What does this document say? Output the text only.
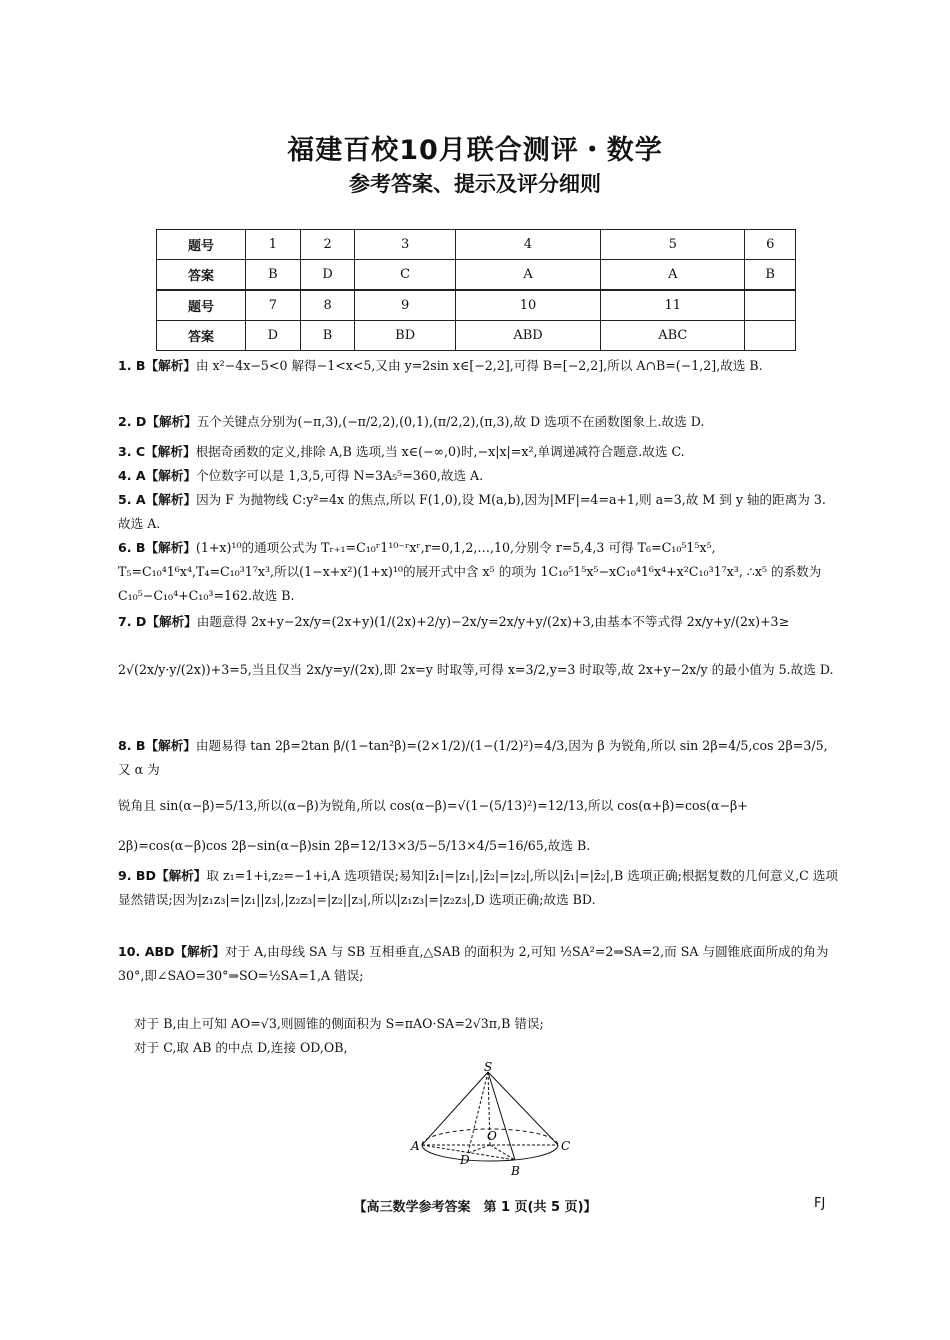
福建百校10月联合测评・数学
参考答案、提示及评分细则
题号	1	2	3	4	5	6
答案	B	D	C	A	A	B
题号	7	8	9	10	11	
答案	D	B	BD	ABD	ABC	
1. B【解析】由 x²−4x−5<0 解得−1<x<5,又由 y=2sin x∈[−2,2],可得 B=[−2,2],所以 A∩B=(−1,2],故选 B.
2. D【解析】五个关键点分别为(−π,3),(−π/2,2),(0,1),(π/2,2),(π,3),故 D 选项不在函数图象上.故选 D.
3. C【解析】根据奇函数的定义,排除 A,B 选项,当 x∈(−∞,0)时,−x|x|=x²,单调递减符合题意.故选 C.
4. A【解析】个位数字可以是 1,3,5,可得 N=3A₅⁵=360,故选 A.
5. A【解析】因为 F 为抛物线 C:y²=4x 的焦点,所以 F(1,0),设 M(a,b),因为|MF|=4=a+1,则 a=3,故 M 到 y 轴的距离为 3.故选 A.
6. B【解析】(1+x)¹⁰的通项公式为 Tᵣ₊₁=C₁₀ʳ1¹⁰⁻ʳxʳ,r=0,1,2,…,10,分别令 r=5,4,3 可得 T₆=C₁₀⁵1⁵x⁵, T₅=C₁₀⁴1⁶x⁴,T₄=C₁₀³1⁷x³,所以(1−x+x²)(1+x)¹⁰的展开式中含 x⁵ 的项为 1C₁₀⁵1⁵x⁵−xC₁₀⁴1⁶x⁴+x²C₁₀³1⁷x³, ∴x⁵ 的系数为 C₁₀⁵−C₁₀⁴+C₁₀³=162.故选 B.
7. D【解析】由题意得 2x+y−2x/y=(2x+y)(1/(2x)+2/y)−2x/y=2x/y+y/(2x)+3,由基本不等式得 2x/y+y/(2x)+3≥
2√(2x/y·y/(2x))+3=5,当且仅当 2x/y=y/(2x),即 2x=y 时取等,可得 x=3/2,y=3 时取等,故 2x+y−2x/y 的最小值为 5.故选 D.
8. B【解析】由题易得 tan 2β=2tan β/(1−tan²β)=(2×1/2)/(1−(1/2)²)=4/3,因为 β 为锐角,所以 sin 2β=4/5,cos 2β=3/5,又 α 为
锐角且 sin(α−β)=5/13,所以(α−β)为锐角,所以 cos(α−β)=√(1−(5/13)²)=12/13,所以 cos(α+β)=cos(α−β+
2β)=cos(α−β)cos 2β−sin(α−β)sin 2β=12/13×3/5−5/13×4/5=16/65,故选 B.
9. BD【解析】取 z₁=1+i,z₂=−1+i,A 选项错误;易知|z̄₁|=|z₁|,|z̄₂|=|z₂|,所以|z̄₁|=|z̄₂|,B 选项正确;根据复数的几何意义,C 选项显然错误;因为|z₁z₃|=|z₁||z₃|,|z₂z₃|=|z₂||z₃|,所以|z₁z₃|=|z₂z₃|,D 选项正确;故选 BD.
10. ABD【解析】对于 A,由母线 SA 与 SB 互相垂直,△SAB 的面积为 2,可知 ½SA²=2⇒SA=2,而 SA 与圆锥底面所成的角为 30°,即∠SAO=30°⇒SO=½SA=1,A 错误;
对于 B,由上可知 AO=√3,则圆锥的侧面积为 S=πAO·SA=2√3π,B 错误;
对于 C,取 AB 的中点 D,连接 OD,OB,
S
A
O
C
D
B
【高三数学参考答案　第 1 页(共 5 页)】	FJ
